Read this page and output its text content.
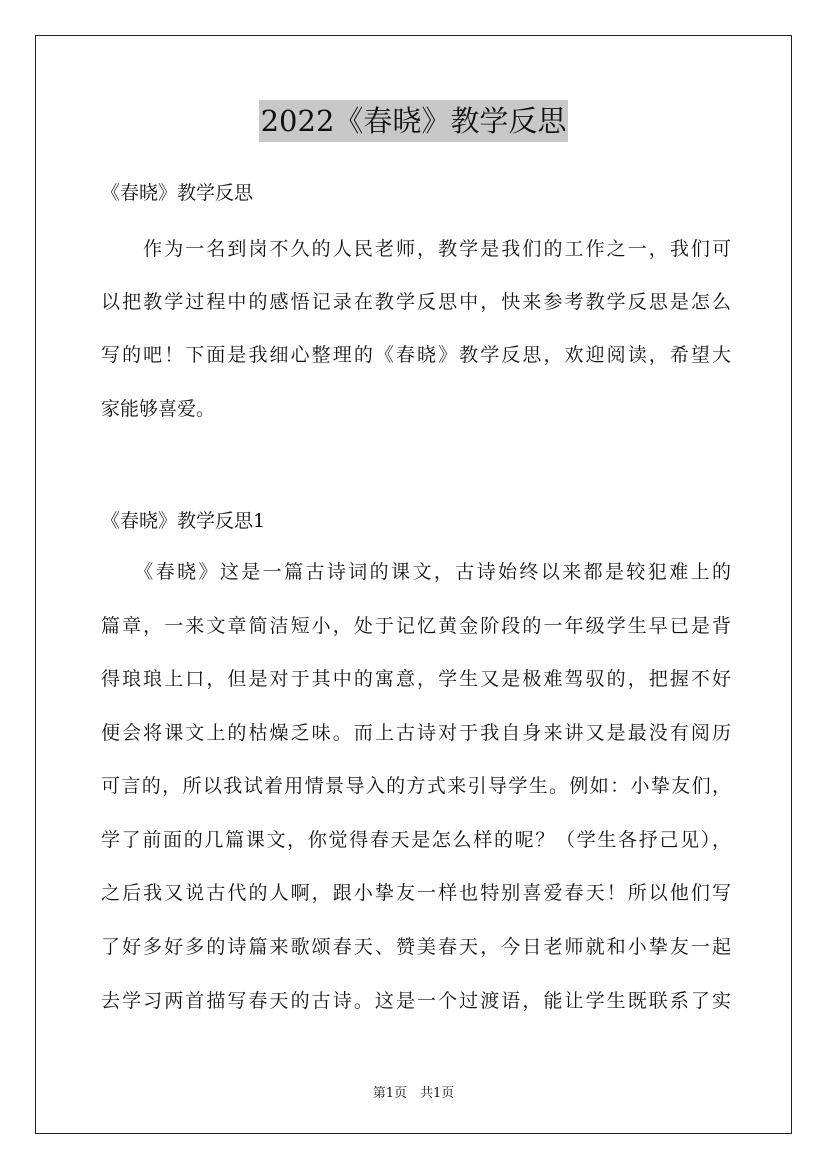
2022《春晓》教学反思
《春晓》教学反思
　　作为一名到岗不久的人民老师，教学是我们的工作之一，我们可
以把教学过程中的感悟记录在教学反思中，快来参考教学反思是怎么
写的吧！下面是我细心整理的《春晓》教学反思，欢迎阅读，希望大
家能够喜爱。
《春晓》教学反思1
　　《春晓》这是一篇古诗词的课文，古诗始终以来都是较犯难上的
篇章，一来文章简洁短小，处于记忆黄金阶段的一年级学生早已是背
得琅琅上口，但是对于其中的寓意，学生又是极难驾驭的，把握不好
便会将课文上的枯燥乏味。而上古诗对于我自身来讲又是最没有阅历
可言的，所以我试着用情景导入的方式来引导学生。例如：小挚友们，
学了前面的几篇课文，你觉得春天是怎么样的呢？（学生各抒己见），
之后我又说古代的人啊，跟小挚友一样也特别喜爱春天！所以他们写
了好多好多的诗篇来歌颂春天、赞美春天，今日老师就和小挚友一起
去学习两首描写春天的古诗。这是一个过渡语，能让学生既联系了实
第1页　共1页
